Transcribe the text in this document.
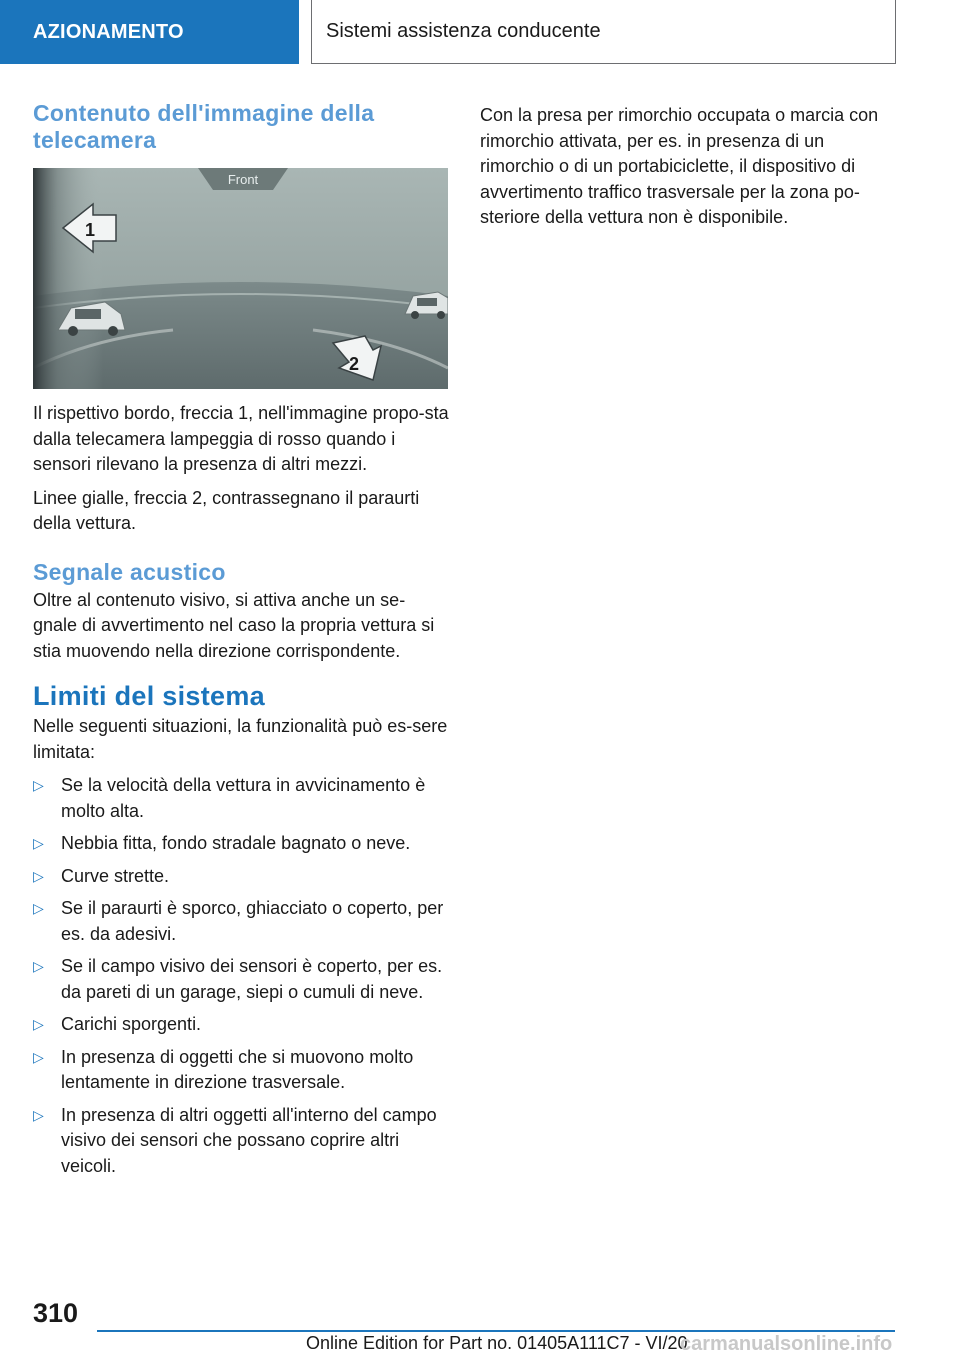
AZIONAMENTO	Sistemi assistenza conducente
Contenuto dell'immagine della telecamera
Front
1
2

Il rispettivo bordo, freccia 1, nell'immagine propo-sta dalla telecamera lampeggia di rosso quando i sensori rilevano la presenza di altri mezzi.

Linee gialle, freccia 2, contrassegnano il paraurti della vettura.

Segnale acustico

Oltre al contenuto visivo, si attiva anche un se-gnale di avvertimento nel caso la propria vettura si stia muovendo nella direzione corrispondente.

Limiti del sistema

Nelle seguenti situazioni, la funzionalità può es-sere limitata:

▷ Se la velocità della vettura in avvicinamento è molto alta.
▷ Nebbia fitta, fondo stradale bagnato o neve.
▷ Curve strette.
▷ Se il paraurti è sporco, ghiacciato o coperto, per es. da adesivi.
▷ Se il campo visivo dei sensori è coperto, per es. da pareti di un garage, siepi o cumuli di neve.
▷ Carichi sporgenti.
▷ In presenza di oggetti che si muovono molto lentamente in direzione trasversale.
▷ In presenza di altri oggetti all'interno del campo visivo dei sensori che possano coprire altri veicoli.

Con la presa per rimorchio occupata o marcia con rimorchio attivata, per es. in presenza di un rimorchio o di un portabiciclette, il dispositivo di avvertimento traffico trasversale per la zona po-steriore della vettura non è disponibile.

310
Online Edition for Part no. 01405A111C7 - VI/20
carmanualsonline.info
